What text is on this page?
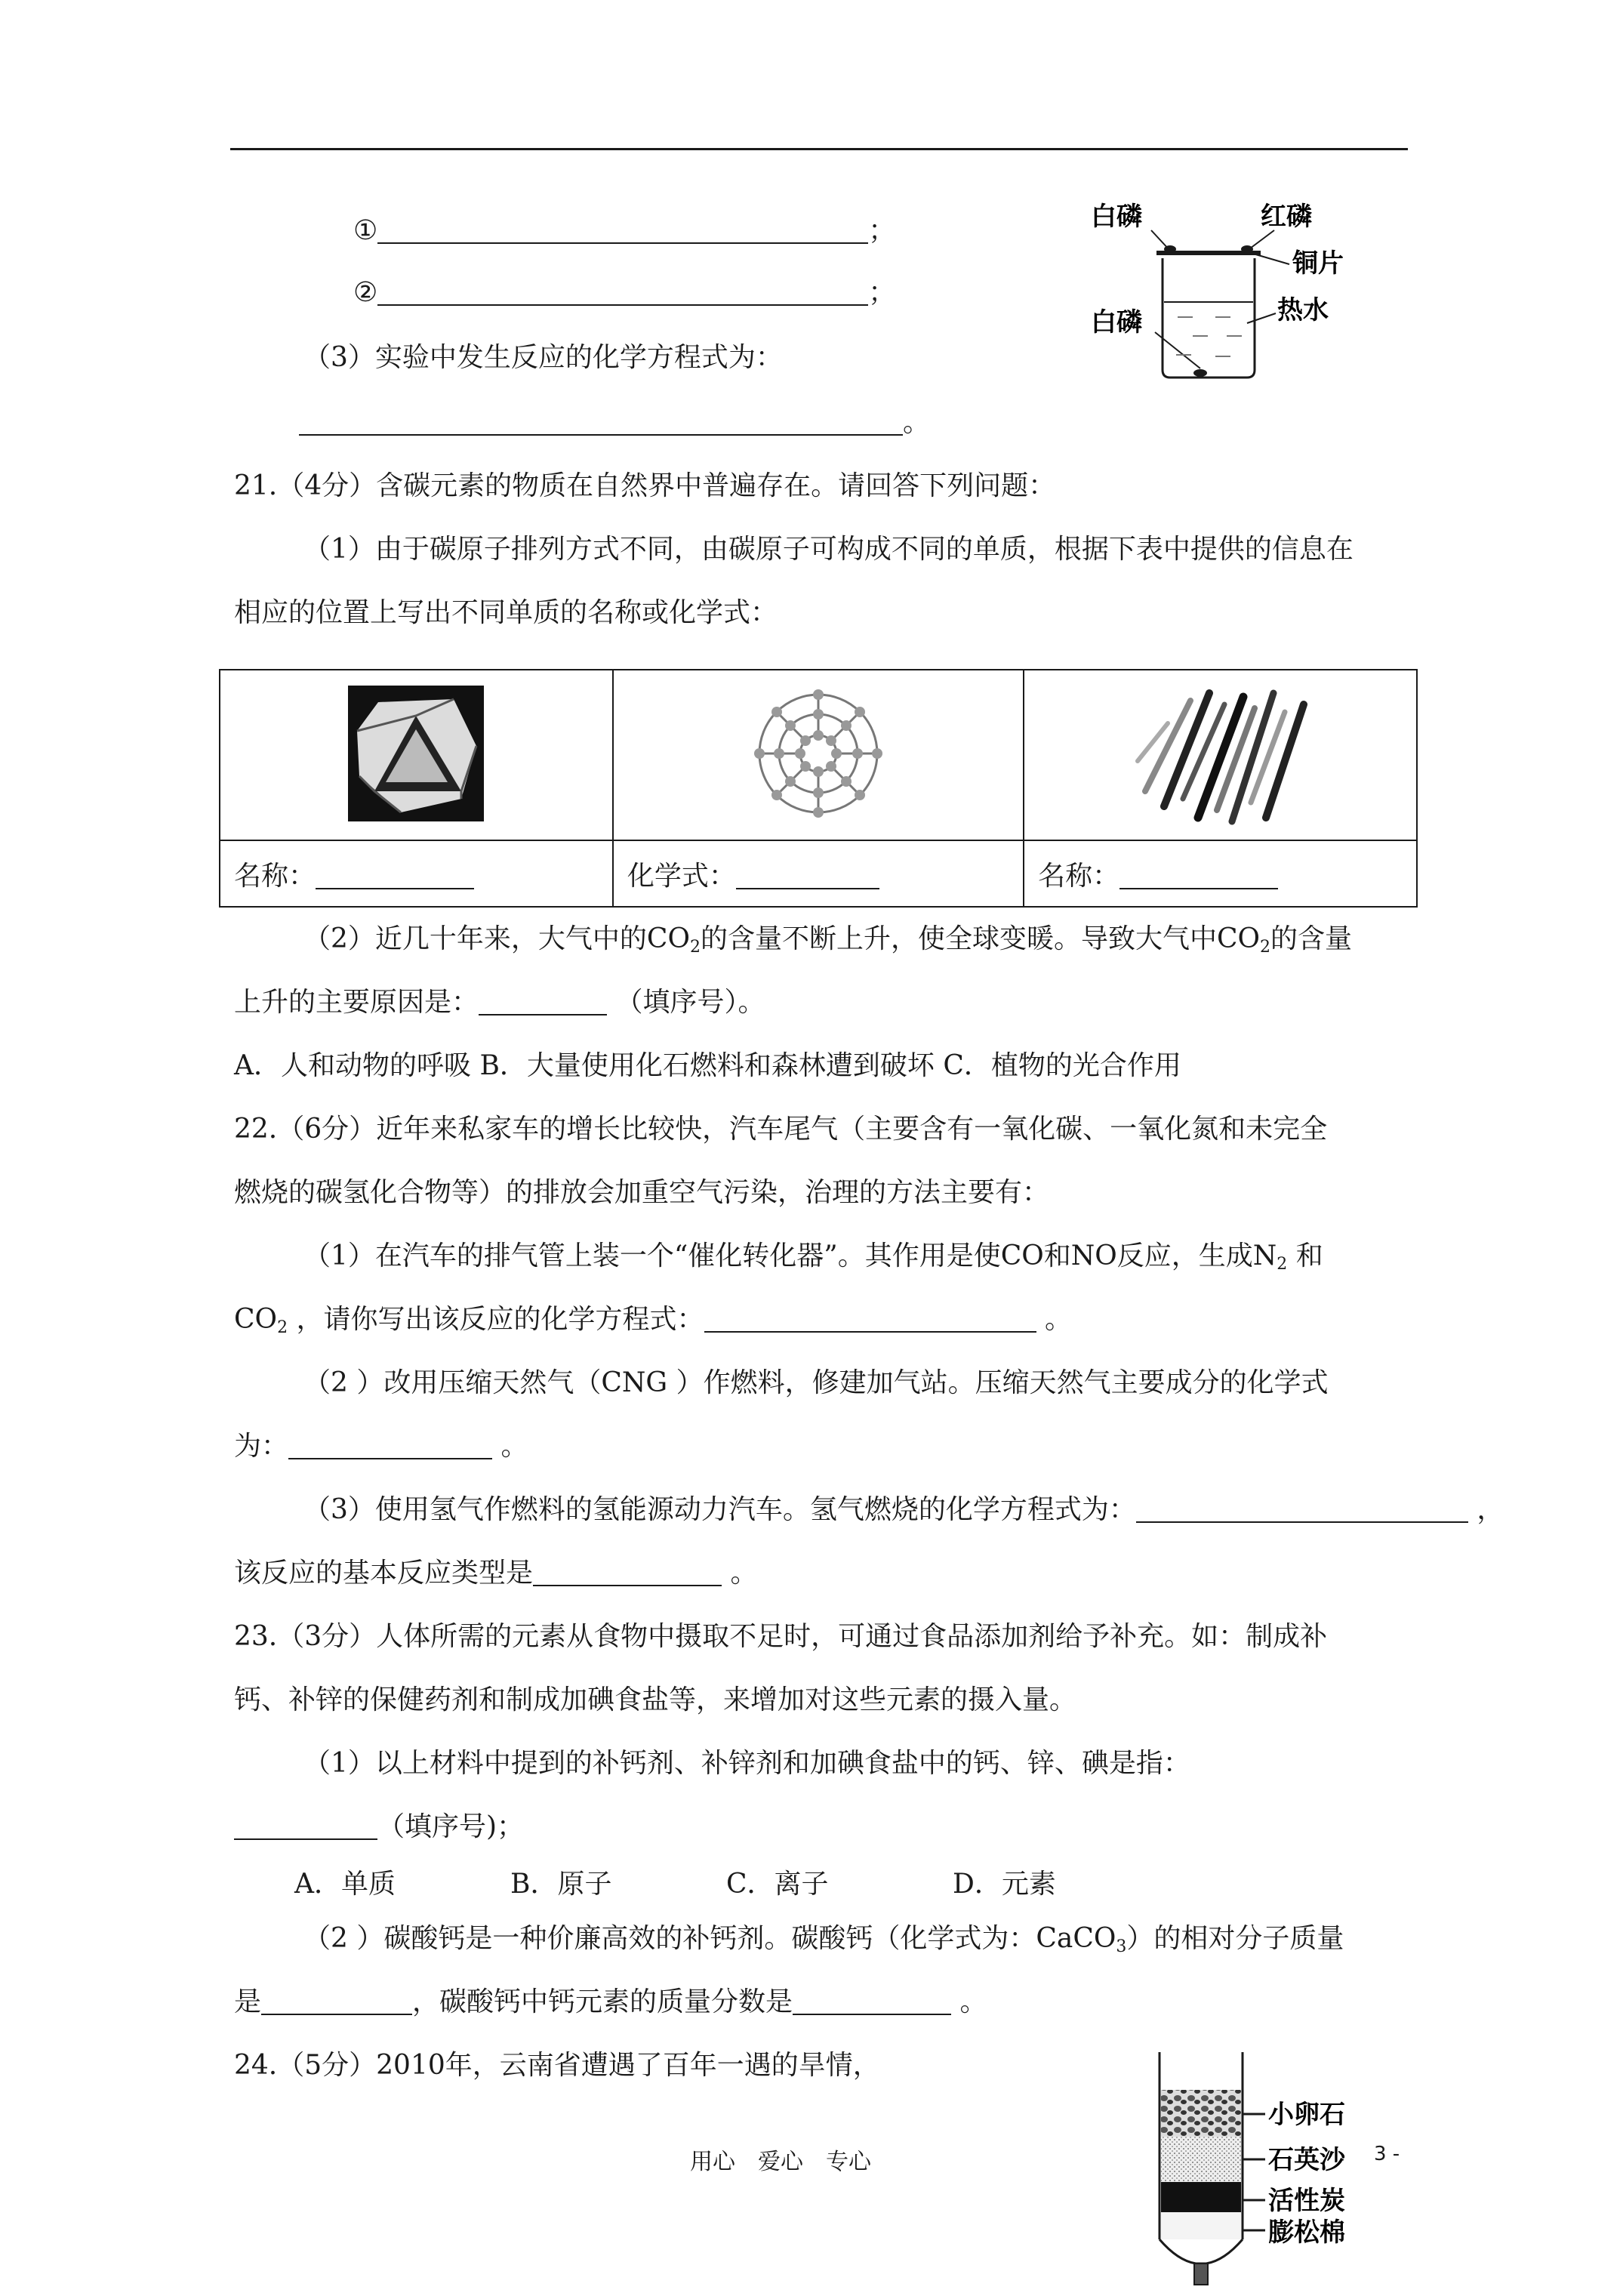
①	；
②	；
（3）实验中发生反应的化学方程式为：
。
白磷	红磷
铜片
白磷	热水
21.（4分）含碳元素的物质在自然界中普遍存在。请回答下列问题：
（1）由于碳原子排列方式不同，由碳原子可构成不同的单质，根据下表中提供的信息在
相应的位置上写出不同单质的名称或化学式：

名称：	化学式：	名称：
（2）近几十年来，大气中的$CO_2$的含量不断上升，使全球变暖。导致大气中$CO_2$的含量
上升的主要原因是：	（填序号）。
A．人和动物的呼吸 B．大量使用化石燃料和森林遭到破坏 C．植物的光合作用
22.（6分）近年来私家车的增长比较快，汽车尾气（主要含有一氧化碳、一氧化氮和未完全
燃烧的碳氢化合物等）的排放会加重空气污染，治理的方法主要有：
（1）在汽车的排气管上装一个“催化转化器”。其作用是使CO和NO反应，生成$N_2$ 和
$CO_2$ ，请你写出该反应的化学方程式：	。
（2 ）改用压缩天然气（CNG ）作燃料，修建加气站。压缩天然气主要成分的化学式
为：	。
（3）使用氢气作燃料的氢能源动力汽车。氢气燃烧的化学方程式为：	，
该反应的基本反应类型是	。
23.（3分）人体所需的元素从食物中摄取不足时，可通过食品添加剂给予补充。如：制成补
钙、补锌的保健药剂和制成加碘食盐等，来增加对这些元素的摄入量。
（1）以上材料中提到的补钙剂、补锌剂和加碘食盐中的钙、锌、碘是指：
（填序号)；
A．单质	B．原子	C．离子	D．元素
（2 ）碳酸钙是一种价廉高效的补钙剂。碳酸钙（化学式为：CaCO$_3$）的相对分子质量
是	，碳酸钙中钙元素的质量分数是	。
24.（5分）2010年，云南省遭遇了百年一遇的旱情，
小卵石
石英沙
活性炭
膨松棉
用心　爱心　专心	3 -
